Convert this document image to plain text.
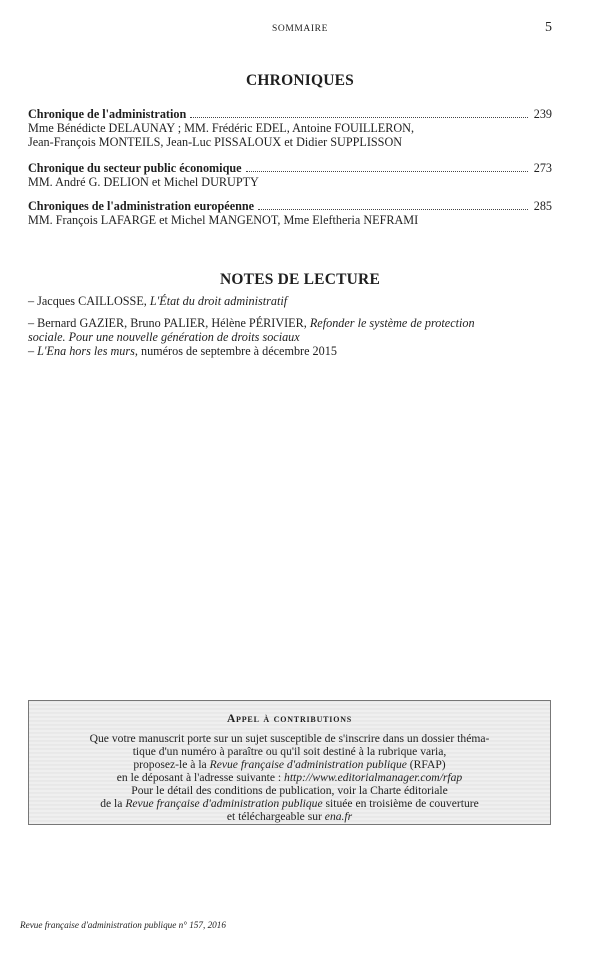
SOMMAIRE	5
CHRONIQUES
Chronique de l'administration	239
Mme Bénédicte DELAUNAY ; MM. Frédéric EDEL, Antoine FOUILLERON,
Jean-François MONTEILS, Jean-Luc PISSALOUX et Didier SUPPLISSON
Chronique du secteur public économique	273
MM. André G. DELION et Michel DURUPTY
Chroniques de l'administration européenne	285
MM. François LAFARGE et Michel MANGENOT, Mme Eleftheria NEFRAMI
NOTES DE LECTURE
– Jacques CAILLOSSE, L'État du droit administratif
– Bernard GAZIER, Bruno PALIER, Hélène PÉRIVIER, Refonder le système de protection
sociale. Pour une nouvelle génération de droits sociaux
– L'Ena hors les murs, numéros de septembre à décembre 2015
Appel à contributions
Que votre manuscrit porte sur un sujet susceptible de s'inscrire dans un dossier théma-
tique d'un numéro à paraître ou qu'il soit destiné à la rubrique varia,
proposez-le à la Revue française d'administration publique (RFAP)
en le déposant à l'adresse suivante : http://www.editorialmanager.com/rfap
Pour le détail des conditions de publication, voir la Charte éditoriale
de la Revue française d'administration publique située en troisième de couverture
et téléchargeable sur ena.fr
Revue française d'administration publique n° 157, 2016
